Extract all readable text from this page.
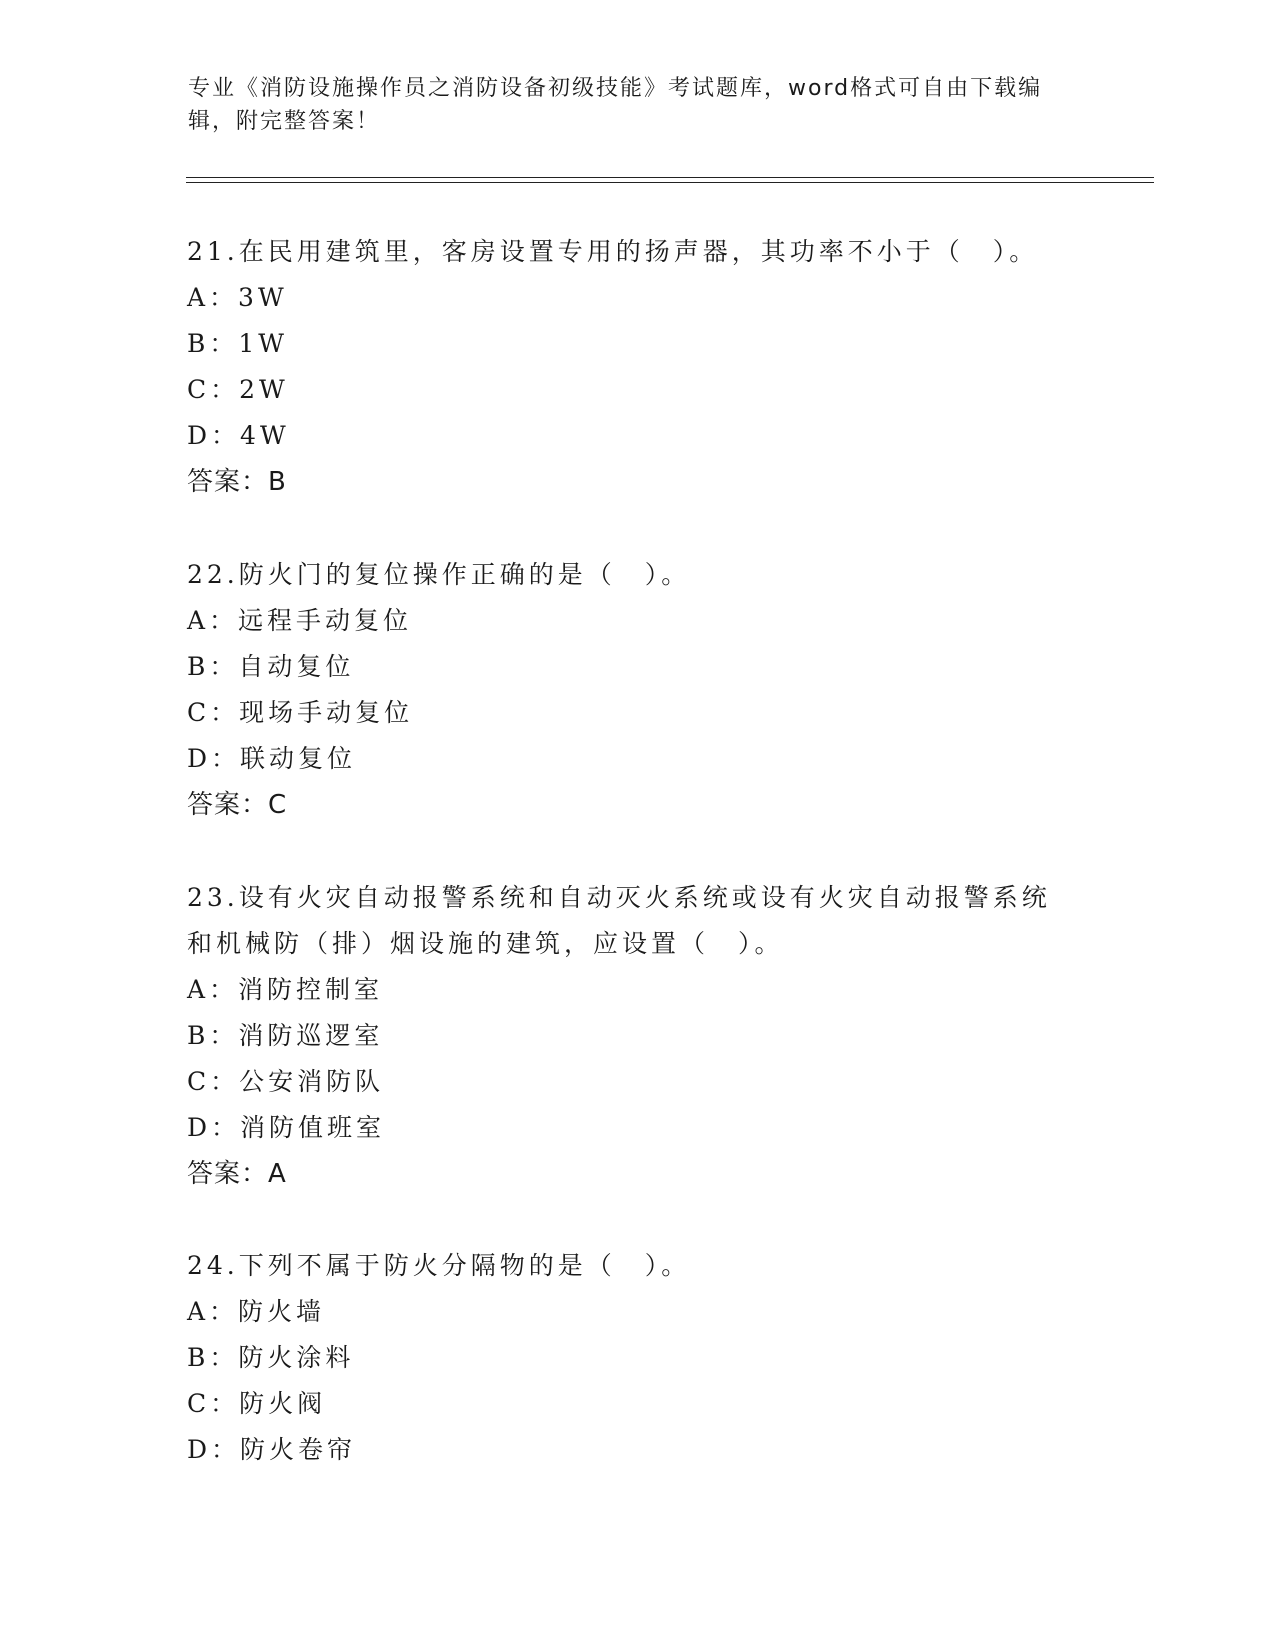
专业《消防设施操作员之消防设备初级技能》考试题库，word格式可自由下载编辑，附完整答案！
21.在民用建筑里，客房设置专用的扬声器，其功率不小于（　）。
A：3W
B：1W
C：2W
D：4W
答案：B
22.防火门的复位操作正确的是（　）。
A：远程手动复位
B：自动复位
C：现场手动复位
D：联动复位
答案：C
23.设有火灾自动报警系统和自动灭火系统或设有火灾自动报警系统和机械防（排）烟设施的建筑，应设置（　）。
A：消防控制室
B：消防巡逻室
C：公安消防队
D：消防值班室
答案：A
24.下列不属于防火分隔物的是（　）。
A：防火墙
B：防火涂料
C：防火阀
D：防火卷帘
